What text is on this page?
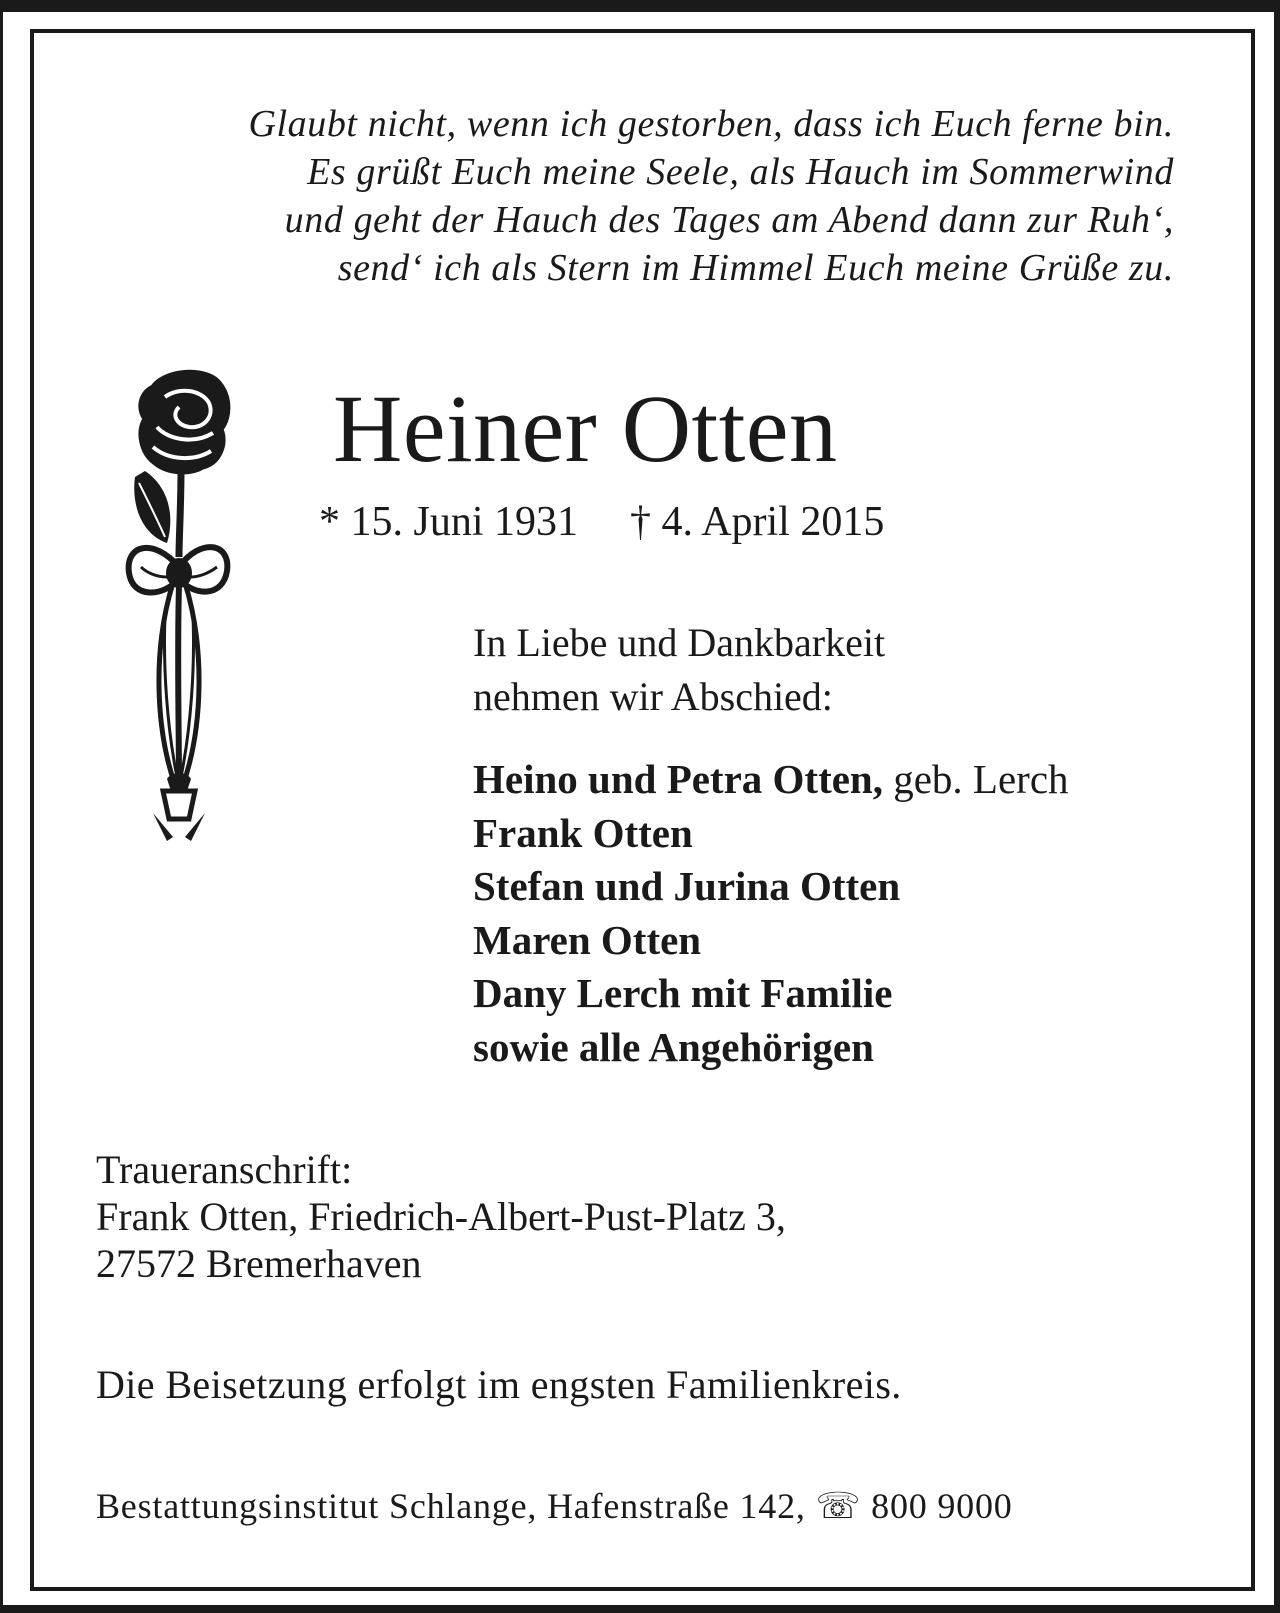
Glaubt nicht, wenn ich gestorben, dass ich Euch ferne bin.
Es grüßt Euch meine Seele, als Hauch im Sommerwind
und geht der Hauch des Tages am Abend dann zur Ruh‘,
send‘ ich als Stern im Himmel Euch meine Grüße zu.
Heiner Otten
* 15. Juni 1931 † 4. April 2015
In Liebe und Dankbarkeit
nehmen wir Abschied:
Heino und Petra Otten, geb. Lerch
Frank Otten
Stefan und Jurina Otten
Maren Otten
Dany Lerch mit Familie
sowie alle Angehörigen
Traueranschrift:
Frank Otten, Friedrich-Albert-Pust-Platz 3,
27572 Bremerhaven
Die Beisetzung erfolgt im engsten Familienkreis.
Bestattungsinstitut Schlange, Hafenstraße 142, ☏ 800 9000
